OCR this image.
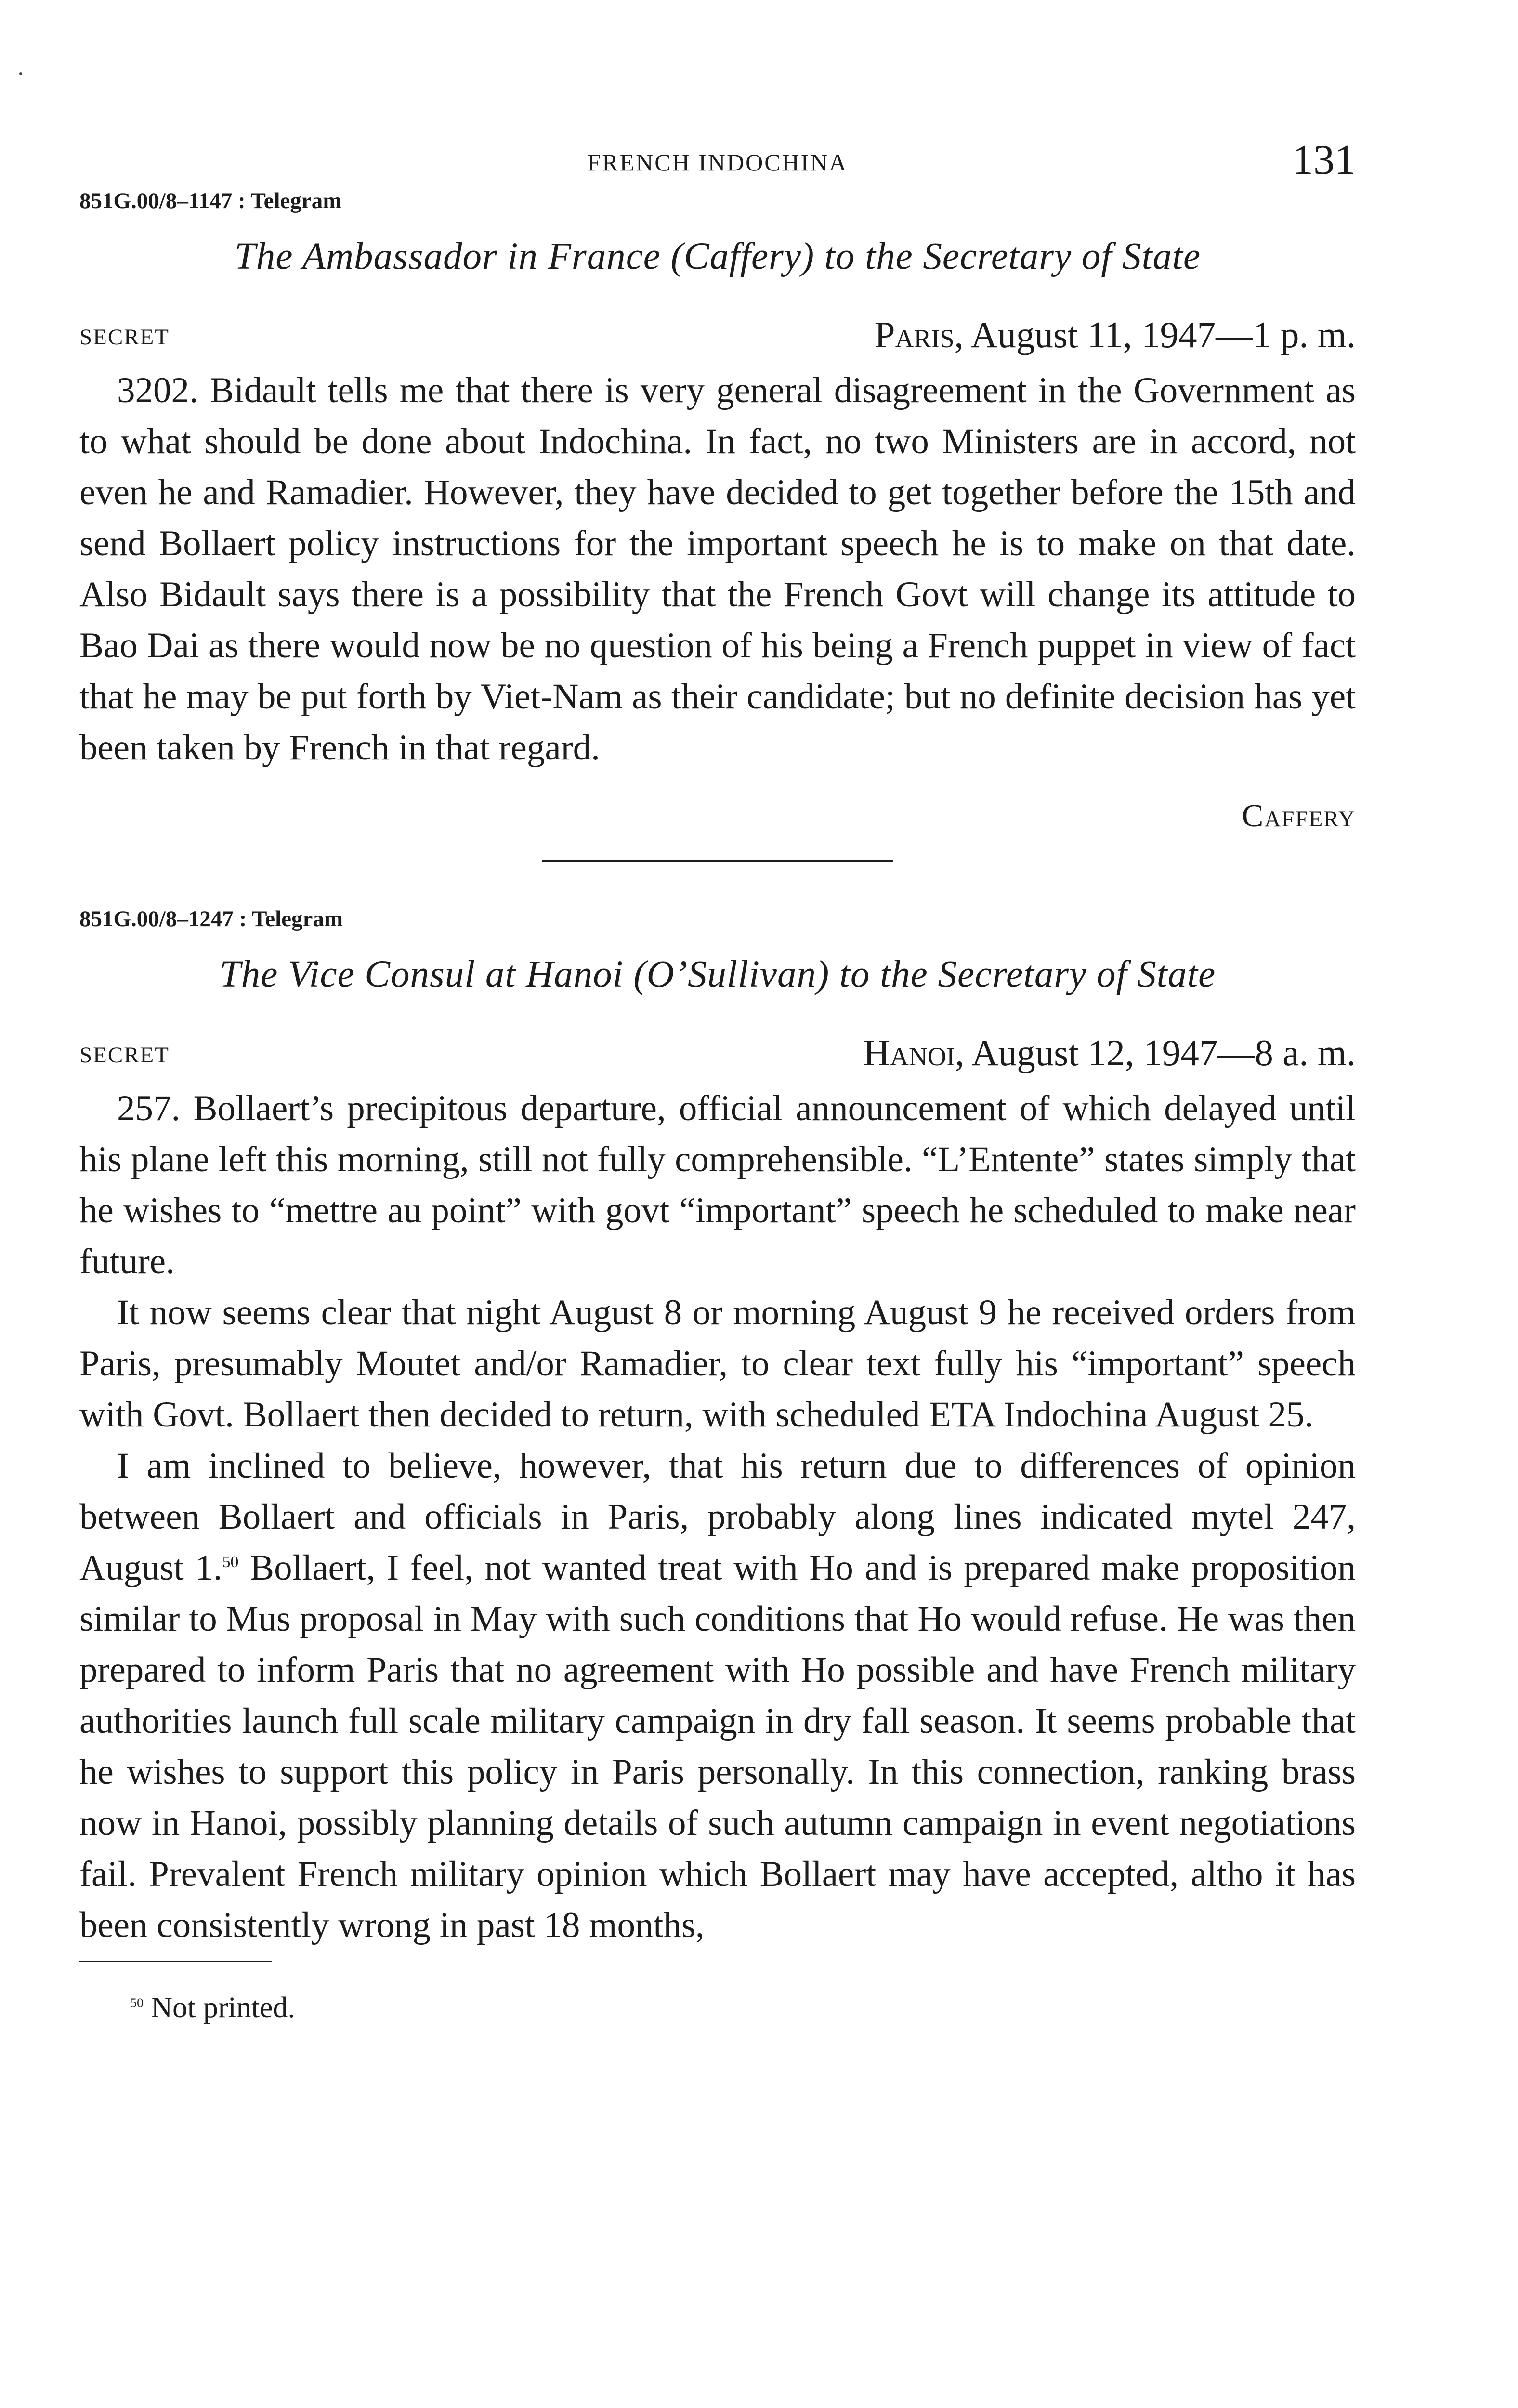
FRENCH INDOCHINA	131

851G.00/8–1147 : Telegram

The Ambassador in France (Caffery) to the Secretary of State
SECRET	Paris, August 11, 1947—1 p. m.

3202. Bidault tells me that there is very general disagreement in the Government as to what should be done about Indochina. In fact, no two Ministers are in accord, not even he and Ramadier. However, they have decided to get together before the 15th and send Bollaert policy instructions for the important speech he is to make on that date. Also Bidault says there is a possibility that the French Govt will change its attitude to Bao Dai as there would now be no question of his being a French puppet in view of fact that he may be put forth by Viet-Nam as their candidate; but no definite decision has yet been taken by French in that regard.

Caffery

851G.00/8–1247 : Telegram

The Vice Consul at Hanoi (O’Sullivan) to the Secretary of State
SECRET	Hanoi, August 12, 1947—8 a. m.

257. Bollaert’s precipitous departure, official announcement of which delayed until his plane left this morning, still not fully comprehensible. “L’Entente” states simply that he wishes to “mettre au point” with govt “important” speech he scheduled to make near future.

It now seems clear that night August 8 or morning August 9 he received orders from Paris, presumably Moutet and/or Ramadier, to clear text fully his “important” speech with Govt. Bollaert then decided to return, with scheduled ETA Indochina August 25.

I am inclined to believe, however, that his return due to differences of opinion between Bollaert and officials in Paris, probably along lines indicated mytel 247, August 1.50 Bollaert, I feel, not wanted treat with Ho and is prepared make proposition similar to Mus proposal in May with such conditions that Ho would refuse. He was then prepared to inform Paris that no agreement with Ho possible and have French military authorities launch full scale military campaign in dry fall season. It seems probable that he wishes to support this policy in Paris personally. In this connection, ranking brass now in Hanoi, possibly planning details of such autumn campaign in event negotiations fail. Prevalent French military opinion which Bollaert may have accepted, altho it has been consistently wrong in past 18 months,

$^{50}$ Not printed.
